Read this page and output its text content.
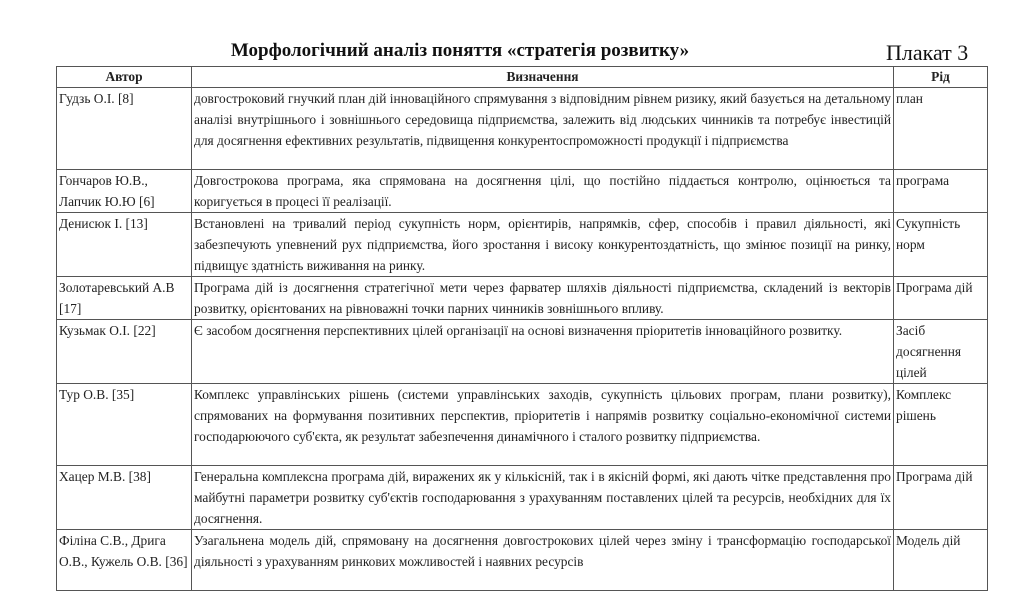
Морфологічний аналіз поняття «стратегія розвитку»	Плакат 3
Автор	Визначення	Рід
Гудзь О.І. [8]	довгостроковий гнучкий план дій інноваційного спрямування з відповідним рівнем ризику, який базується на детальному аналізі внутрішнього і зовнішнього середовища підприємства, залежить від людських чинників та потребує інвестицій для досягнення ефективних результатів, підвищення конкурентоспроможності продукції і підприємства	план
Гончаров Ю.В., Лапчик Ю.Ю [6]	Довгострокова програма, яка спрямована на досягнення цілі, що постійно піддається контролю, оцінюється та коригується в процесі її реалізації.	програма
Денисюк І. [13]	Встановлені на тривалий період сукупність норм, орієнтирів, напрямків, сфер, способів і правил діяльності, які забезпечують упевнений рух підприємства, його зростання і високу конкурентоздатність, що змінює позиції на ринку, підвищує здатність виживання на ринку.	Сукупність норм
Золотаревський А.В [17]	Програма дій із досягнення стратегічної мети через фарватер шляхів діяльності підприємства, складений із векторів розвитку, орієнтованих на рівноважні точки парних чинників зовнішнього впливу.	Програма дій
Кузьмак О.І. [22]	Є засобом досягнення перспективних цілей організації на основі визначення пріоритетів інноваційного розвитку.	Засіб досягнення цілей
Тур О.В. [35]	Комплекс управлінських рішень (системи управлінських заходів, сукупність цільових програм, плани розвитку), спрямованих на формування позитивних перспектив, пріоритетів і напрямів розвитку соціально-економічної системи господарюючого суб'єкта, як результат забезпечення динамічного і сталого розвитку підприємства.	Комплекс рішень
Хацер М.В. [38]	Генеральна комплексна програма дій, виражених як у кількісній, так і в якісній формі, які дають чітке представлення про майбутні параметри розвитку суб'єктів господарювання з урахуванням поставлених цілей та ресурсів, необхідних для їх досягнення.	Програма дій
Філіна С.В., Дрига О.В., Кужель О.В. [36]	Узагальнена модель дій, спрямовану на досягнення довгострокових цілей через зміну і трансформацію господарської діяльності з урахуванням ринкових можливостей і наявних ресурсів	Модель дій
